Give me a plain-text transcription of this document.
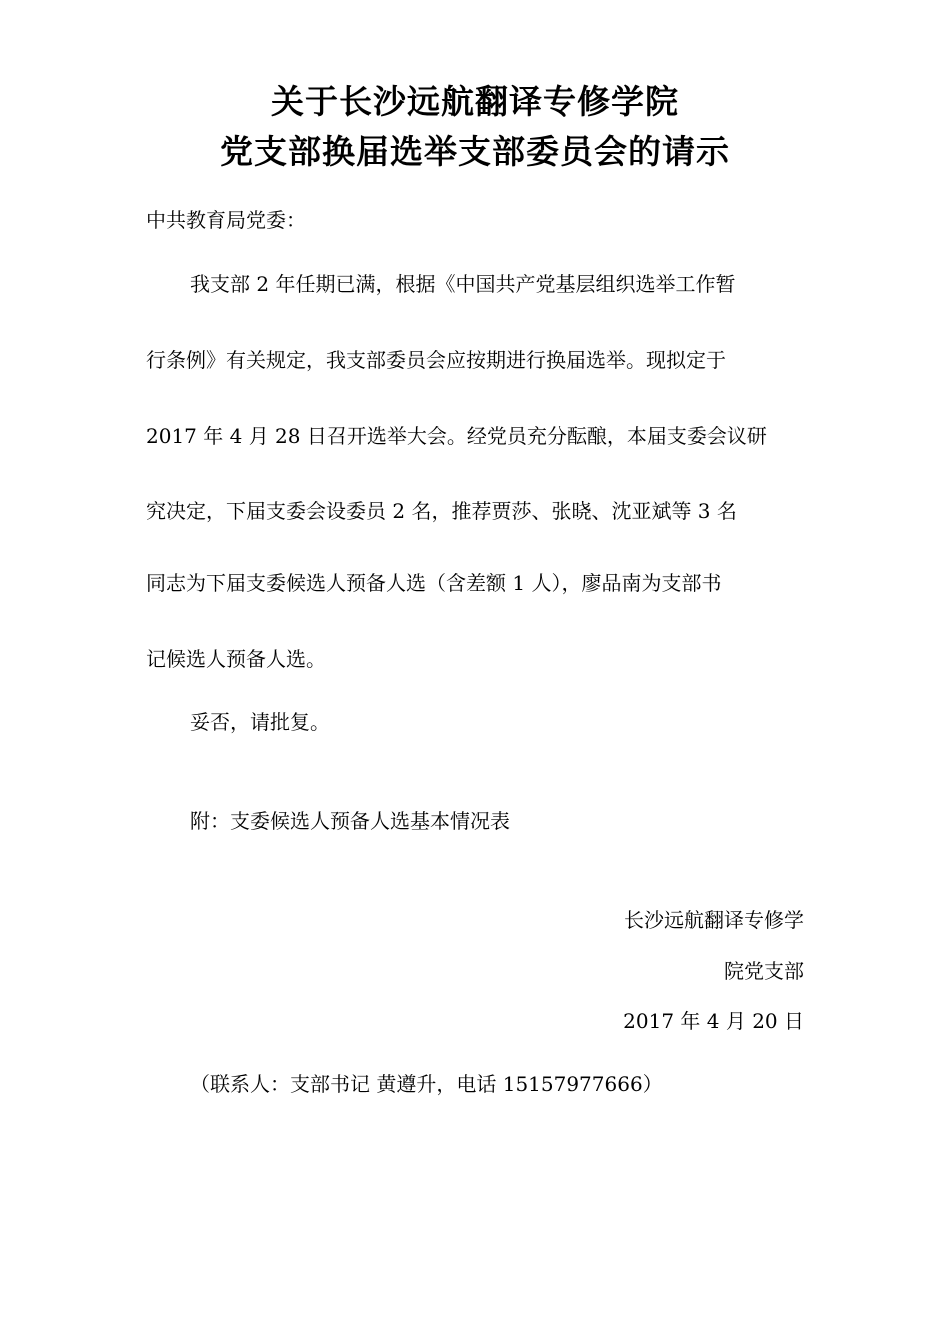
关于长沙远航翻译专修学院
党支部换届选举支部委员会的请示
中共教育局党委：
我支部 2 年任期已满，根据《中国共产党基层组织选举工作暂
行条例》有关规定，我支部委员会应按期进行换届选举。现拟定于
2017 年 4 月 28 日召开选举大会。经党员充分酝酿，本届支委会议研
究决定，下届支委会设委员 2 名，推荐贾莎、张晓、沈亚斌等 3 名
同志为下届支委候选人预备人选（含差额 1 人），廖品南为支部书
记候选人预备人选。
妥否，请批复。
附：支委候选人预备人选基本情况表
长沙远航翻译专修学
院党支部
2017 年 4 月 20 日
（联系人：支部书记 黄遵升，电话 15157977666）
